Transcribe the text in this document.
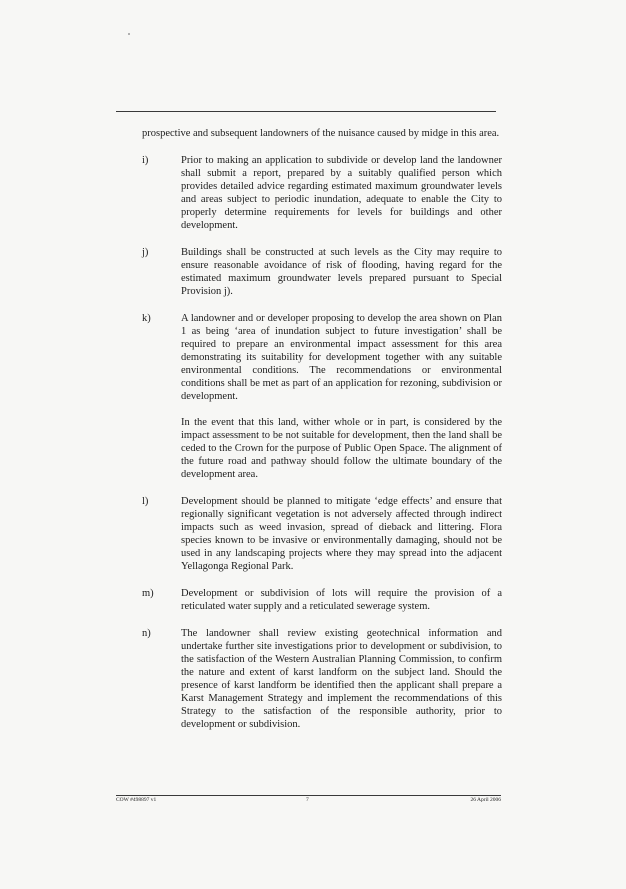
prospective and subsequent landowners of the nuisance caused by midge in this area.

i)	Prior to making an application to subdivide or develop land the landowner shall submit a report, prepared by a suitably qualified person which provides detailed advice regarding estimated maximum groundwater levels and areas subject to periodic inundation, adequate to enable the City to properly determine requirements for levels for buildings and other development.

j)	Buildings shall be constructed at such levels as the City may require to ensure reasonable avoidance of risk of flooding, having regard for the estimated maximum groundwater levels prepared pursuant to Special Provision j).

k)	A landowner and or developer proposing to develop the area shown on Plan 1 as being ‘area of inundation subject to future investigation’ shall be required to prepare an environmental impact assessment for this area demonstrating its suitability for development together with any suitable environmental conditions. The recommendations or environmental conditions shall be met as part of an application for rezoning, subdivision or development.

In the event that this land, wither whole or in part, is considered by the impact assessment to be not suitable for development, then the land shall be ceded to the Crown for the purpose of Public Open Space. The alignment of the future road and pathway should follow the ultimate boundary of the development area.

l)	Development should be planned to mitigate ‘edge effects’ and ensure that regionally significant vegetation is not adversely affected through indirect impacts such as weed invasion, spread of dieback and littering. Flora species known to be invasive or environmentally damaging, should not be used in any landscaping projects where they may spread into the adjacent Yellagonga Regional Park.

m)	Development or subdivision of lots will require the provision of a reticulated water supply and a reticulated sewerage system.

n)	The landowner shall review existing geotechnical information and undertake further site investigations prior to development or subdivision, to the satisfaction of the Western Australian Planning Commission, to confirm the nature and extent of karst landform on the subject land. Should the presence of karst landform be identified then the applicant shall prepare a Karst Management Strategy and implement the recommendations of this Strategy to the satisfaction of the responsible authority, prior to development or subdivision.

COW #498897 v1	7	26 April 2006
